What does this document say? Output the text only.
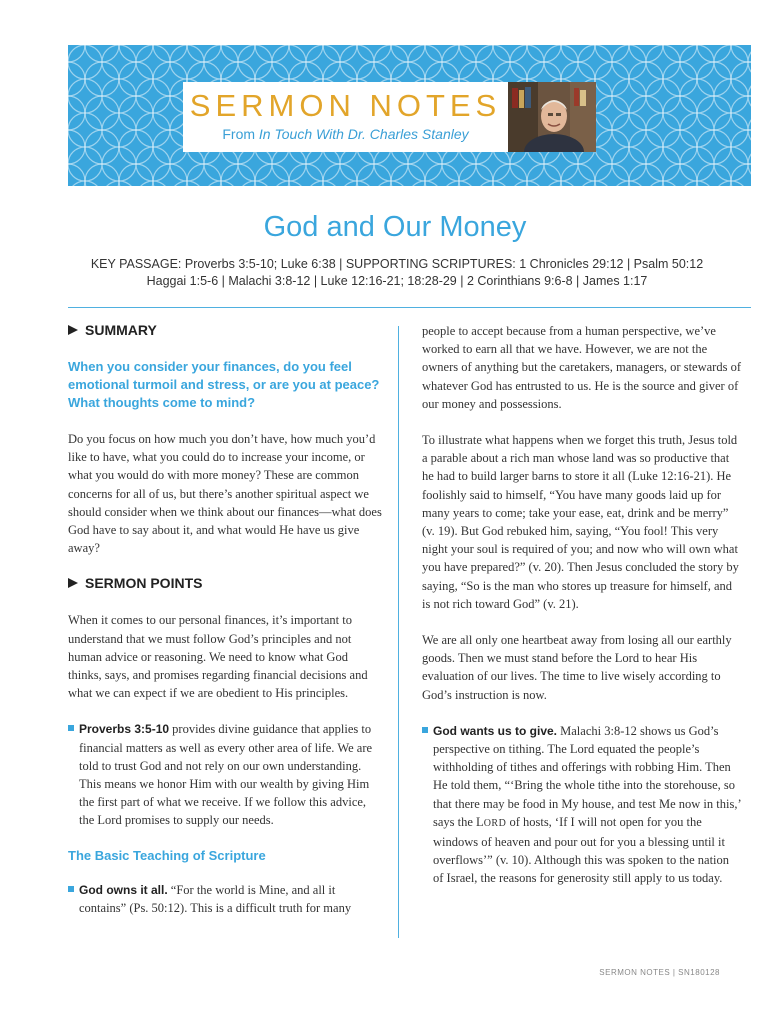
SERMON NOTES
From In Touch With Dr. Charles Stanley
God and Our Money
KEY PASSAGE: Proverbs 3:5-10; Luke 6:38 | SUPPORTING SCRIPTURES: 1 Chronicles 29:12 | Psalm 50:12
Haggai 1:5-6 | Malachi 3:8-12 | Luke 12:16-21; 18:28-29 | 2 Corinthians 9:6-8 | James 1:17
SUMMARY

When you consider your finances, do you feel emotional turmoil and stress, or are you at peace? What thoughts come to mind?

Do you focus on how much you don’t have, how much you’d like to have, what you could do to increase your income, or what you would do with more money? These are common concerns for all of us, but there’s another spiritual aspect we should consider when we think about our finances—what does God have to say about it, and what would He have us give away?

SERMON POINTS

When it comes to our personal finances, it’s important to understand that we must follow God’s principles and not human advice or reasoning. We need to know what God thinks, says, and promises regarding financial decisions and what we can expect if we are obedient to His principles.

Proverbs 3:5-10 provides divine guidance that applies to financial matters as well as every other area of life. We are told to trust God and not rely on our own understanding. This means we honor Him with our wealth by giving Him the first part of what we receive. If we follow this advice, the Lord promises to supply our needs.

The Basic Teaching of Scripture

God owns it all. “For the world is Mine, and all it contains” (Ps. 50:12). This is a difficult truth for many

people to accept because from a human perspective, we’ve worked to earn all that we have. However, we are not the owners of anything but the caretakers, managers, or stewards of whatever God has entrusted to us. He is the source and giver of our money and possessions.

To illustrate what happens when we forget this truth, Jesus told a parable about a rich man whose land was so productive that he had to build larger barns to store it all (Luke 12:16-21). He foolishly said to himself, “You have many goods laid up for many years to come; take your ease, eat, drink and be merry” (v. 19). But God rebuked him, saying, “You fool! This very night your soul is required of you; and now who will own what you have prepared?” (v. 20). Then Jesus concluded the story by saying, “So is the man who stores up treasure for himself, and is not rich toward God” (v. 21).

We are all only one heartbeat away from losing all our earthly goods. Then we must stand before the Lord to hear His evaluation of our lives. The time to live wisely according to God’s instruction is now.

God wants us to give. Malachi 3:8-12 shows us God’s perspective on tithing. The Lord equated the people’s withholding of tithes and offerings with robbing Him. Then He told them, “‘Bring the whole tithe into the storehouse, so that there may be food in My house, and test Me now in this,’ says the LORD of hosts, ‘If I will not open for you the windows of heaven and pour out for you a blessing until it overflows’” (v. 10). Although this was spoken to the nation of Israel, the reasons for generosity still apply to us today.

SERMON NOTES | SN180128
